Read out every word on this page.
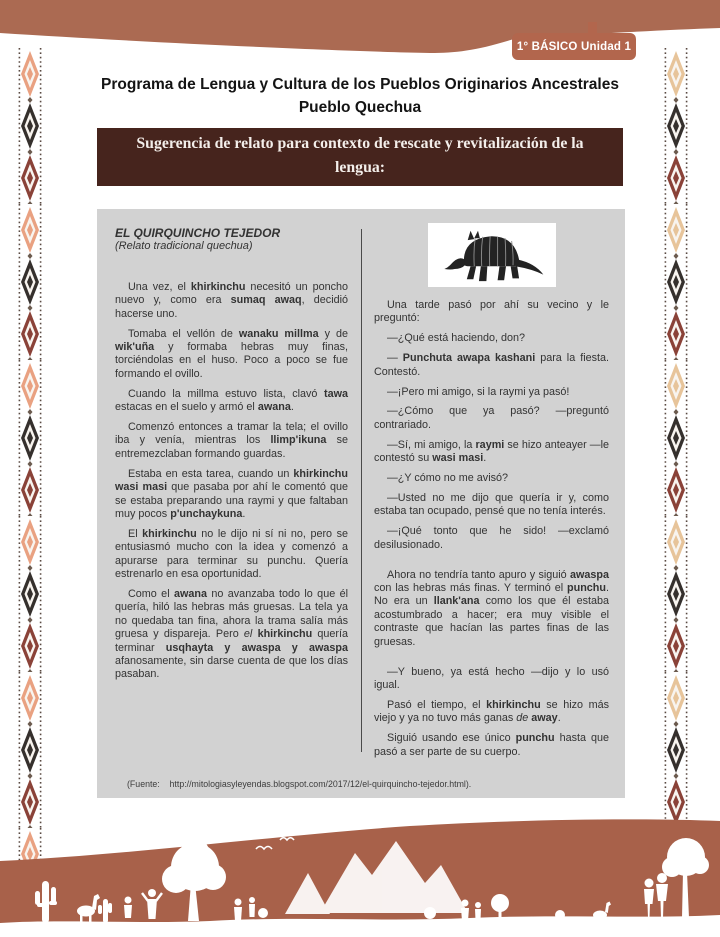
1° BÁSICO Unidad 1
Programa de Lengua y Cultura de los Pueblos Originarios Ancestrales
Pueblo Quechua
Sugerencia de relato para contexto de rescate y revitalización de la lengua:

EL QUIRQUINCHO TEJEDOR

(Relato tradicional quechua)

Una vez, el khirkinchu necesitó un poncho nuevo y, como era sumaq awaq, decidió hacerse uno.

Tomaba el vellón de wanaku millma y de wik'uña y formaba hebras muy finas, torciéndolas en el huso. Poco a poco se fue formando el ovillo.

Cuando la millma estuvo lista, clavó tawa estacas en el suelo y armó el awana.

Comenzó entonces a tramar la tela; el ovillo iba y venía, mientras los llimp'ikuna se entremezclaban formando guardas.

Estaba en esta tarea, cuando un khirkinchu wasi masi que pasaba por ahí le comentó que se estaba preparando una raymi y que faltaban muy pocos p'unchaykuna.

El khirkinchu no le dijo ni sí ni no, pero se entusiasmó mucho con la idea y comenzó a apurarse para terminar su punchu. Quería estrenarlo en esa oportunidad.

Como el awana no avanzaba todo lo que él quería, hiló las hebras más gruesas. La tela ya no quedaba tan fina, ahora la trama salía más gruesa y dispareja. Pero el khirkinchu quería terminar usqhayta y awaspa y awaspa afanosamente, sin darse cuenta de que los días pasaban.

Una tarde pasó por ahí su vecino y le preguntó:

—¿Qué está haciendo, don?

— Punchuta awapa kashani para la fiesta. Contestó.

—¡Pero mi amigo, si la raymi ya pasó!

—¿Cómo que ya pasó? —preguntó contrariado.

—Sí, mi amigo, la raymi se hizo anteayer —le contestó su wasi masi.

—¿Y cómo no me avisó?

—Usted no me dijo que quería ir y, como estaba tan ocupado, pensé que no tenía interés.

—¡Qué tonto que he sido! —exclamó desilusionado.

Ahora no tendría tanto apuro y siguió awaspa con las hebras más finas. Y terminó el punchu. No era un llank'ana como los que él estaba acostumbrado a hacer; era muy visible el contraste que hacían las partes finas de las gruesas.

—Y bueno, ya está hecho —dijo y lo usó igual.

Pasó el tiempo, el khirkinchu se hizo más viejo y ya no tuvo más ganas de away.

Siguió usando ese único punchu hasta que pasó a ser parte de su cuerpo.

(Fuente:    http://mitologiasyleyendas.blogspot.com/2017/12/el-quirquincho-tejedor.html).
